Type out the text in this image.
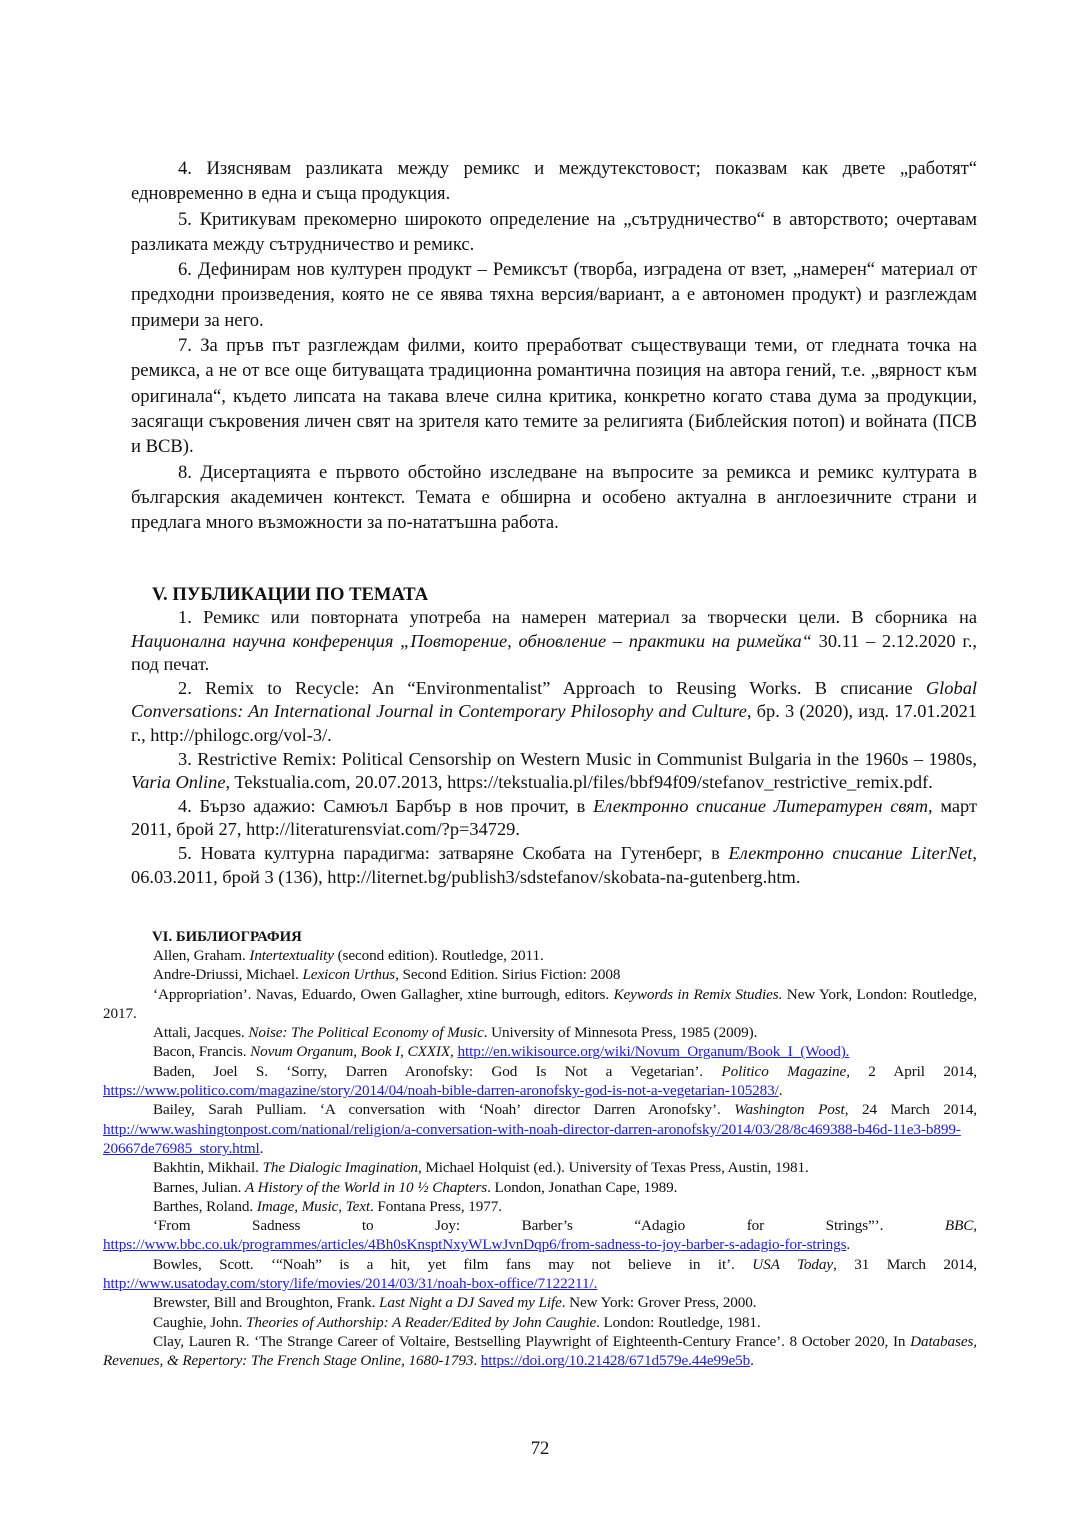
4. Изяснявам разликата между ремикс и междутекстовост; показвам как двете „работят“ едновременно в една и съща продукция.

5. Критикувам прекомерно широкото определение на „сътрудничество“ в авторството; очертавам разликата между сътрудничество и ремикс.

6. Дефинирам нов културен продукт – Ремиксът (творба, изградена от взет, „намерен“ материал от предходни произведения, която не се явява тяхна версия/вариант, а е автономен продукт) и разглеждам примери за него.

7. За пръв път разглеждам филми, които преработват съществуващи теми, от гледната точка на ремикса, а не от все още битуващата традиционна романтична позиция на автора гений, т.е. „вярност към оригинала“, където липсата на такава влече силна критика, конкретно когато става дума за продукции, засягащи съкровения личен свят на зрителя като темите за религията (Библейския потоп) и войната (ПСВ и ВСВ).

8. Дисертацията е първото обстойно изследване на въпросите за ремикса и ремикс културата в българския академичен контекст. Темата е обширна и особено актуална в англоезичните страни и предлага много възможности за по-нататъшна работа.

V. ПУБЛИКАЦИИ ПО ТЕМАТА

1. Ремикс или повторната употреба на намерен материал за творчески цели. В сборника на Национална научна конференция „Повторение, обновление – практики на римейка“ 30.11 – 2.12.2020 г., под печат.

2. Remix to Recycle: An “Environmentalist” Approach to Reusing Works. В списание Global Conversations: An International Journal in Contemporary Philosophy and Culture, бр. 3 (2020), изд. 17.01.2021 г., http://philogc.org/vol-3/.

3. Restrictive Remix: Political Censorship on Western Music in Communist Bulgaria in the 1960s – 1980s, Varia Online, Tekstualia.com, 20.07.2013, https://tekstualia.pl/files/bbf94f09/stefanov_restrictive_remix.pdf.

4. Бързо адажио: Самюъл Барбър в нов прочит, в Електронно списание Литературен свят, март 2011, брой 27, http://literaturensviat.com/?p=34729.

5. Новата културна парадигма: затваряне Скобата на Гутенберг, в Електронно списание LiterNet, 06.03.2011, брой 3 (136), http://liternet.bg/publish3/sdstefanov/skobata-na-gutenberg.htm.

VI. БИБЛИОГРАФИЯ

Allen, Graham. Intertextuality (second edition). Routledge, 2011.

Andre-Driussi, Michael. Lexicon Urthus, Second Edition. Sirius Fiction: 2008

‘Appropriation’. Navas, Eduardo, Owen Gallagher, xtine burrough, editors. Keywords in Remix Studies. New York, London: Routledge, 2017.

Attali, Jacques. Noise: The Political Economy of Music. University of Minnesota Press, 1985 (2009).

Bacon, Francis. Novum Organum, Book I, CXXIX, http://en.wikisource.org/wiki/Novum_Organum/Book_I_(Wood).

Baden, Joel S. ‘Sorry, Darren Aronofsky: God Is Not a Vegetarian’. Politico Magazine, 2 April 2014, https://www.politico.com/magazine/story/2014/04/noah-bible-darren-aronofsky-god-is-not-a-vegetarian-105283/.

Bailey, Sarah Pulliam. ‘A conversation with ‘Noah’ director Darren Aronofsky’. Washington Post, 24 March 2014, http://www.washingtonpost.com/national/religion/a-conversation-with-noah-director-darren-aronofsky/2014/03/28/8c469388-b46d-11e3-b899-20667de76985_story.html.

Bakhtin, Mikhail. The Dialogic Imagination, Michael Holquist (ed.). University of Texas Press, Austin, 1981.

Barnes, Julian. A History of the World in 10 ½ Chapters. London, Jonathan Cape, 1989.

Barthes, Roland. Image, Music, Text. Fontana Press, 1977.

‘From Sadness to Joy: Barber’s “Adagio for Strings”’. BBC, https://www.bbc.co.uk/programmes/articles/4Bh0sKnsptNxyWLwJvnDqp6/from-sadness-to-joy-barber-s-adagio-for-strings.

Bowles, Scott. ‘“Noah” is a hit, yet film fans may not believe in it’. USA Today, 31 March 2014, http://www.usatoday.com/story/life/movies/2014/03/31/noah-box-office/7122211/.

Brewster, Bill and Broughton, Frank. Last Night a DJ Saved my Life. New York: Grover Press, 2000.

Caughie, John. Theories of Authorship: A Reader/Edited by John Caughie. London: Routledge, 1981.

Clay, Lauren R. ‘The Strange Career of Voltaire, Bestselling Playwright of Eighteenth-Century France’. 8 October 2020, In Databases, Revenues, & Repertory: The French Stage Online, 1680-1793. https://doi.org/10.21428/671d579e.44e99e5b.

72
